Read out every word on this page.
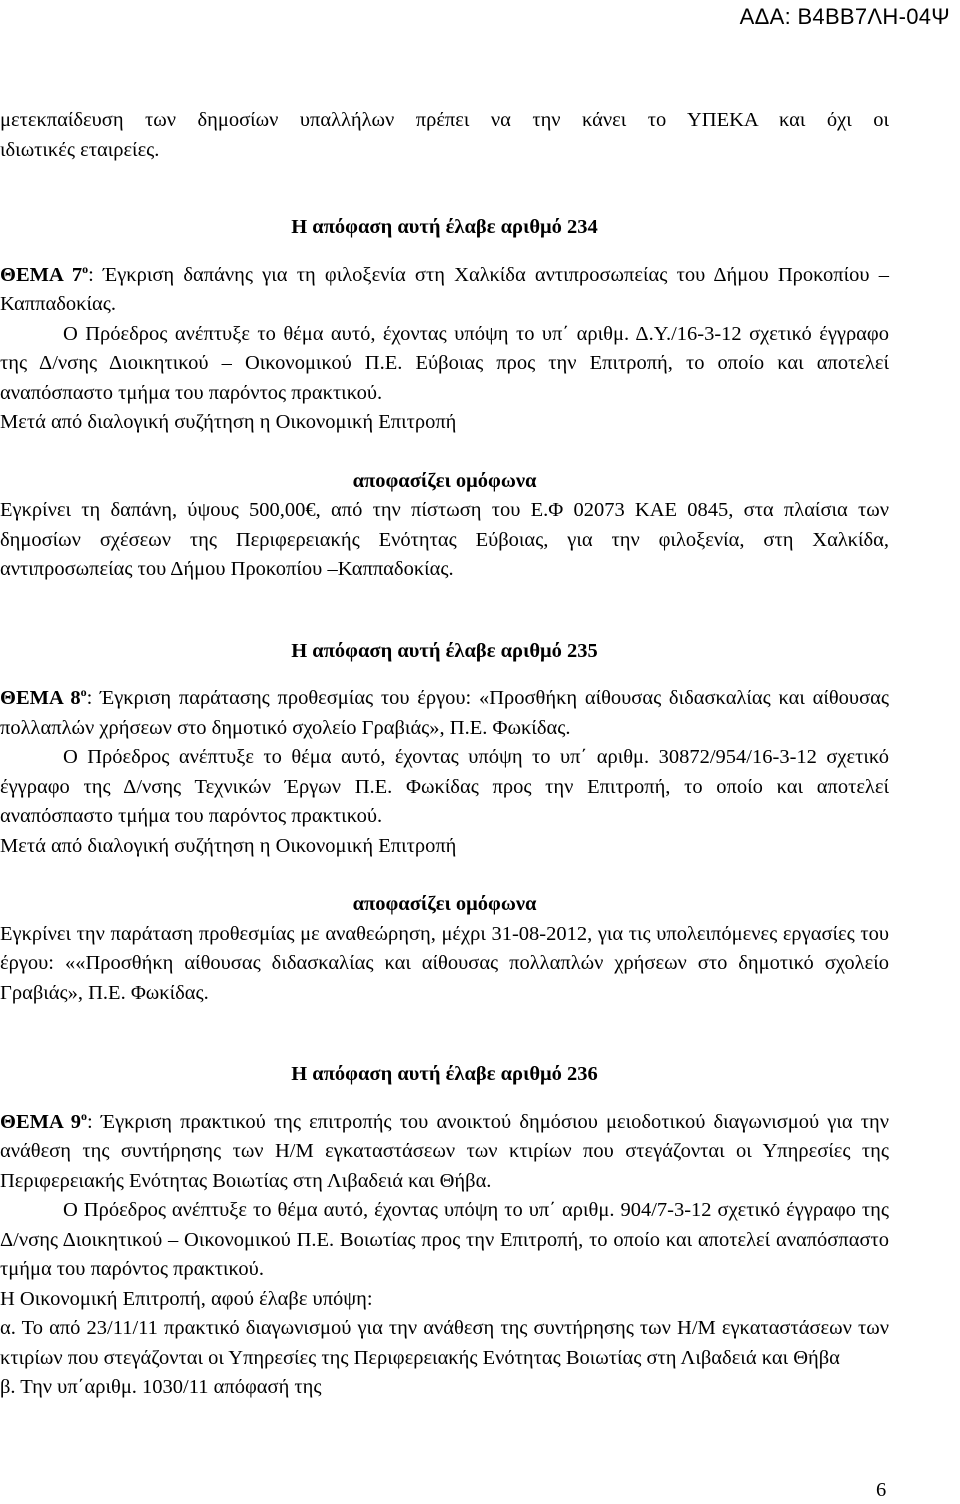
ΑΔΑ: Β4ΒΒ7ΛΗ-04Ψ

μετεκπαίδευση των δημοσίων υπαλλήλων πρέπει να την κάνει το ΥΠΕΚΑ και όχι οι

ιδιωτικές εταιρείες.

Η απόφαση αυτή έλαβε αριθμό 234

ΘΕΜΑ $7^o$: Έγκριση δαπάνης για τη φιλοξενία στη Χαλκίδα αντιπροσωπείας του Δήμου Προκοπίου – Καππαδοκίας.

Ο Πρόεδρος ανέπτυξε το θέμα αυτό, έχοντας υπόψη το υπ΄ αριθμ. Δ.Υ./16-3-12 σχετικό έγγραφο της Δ/νσης Διοικητικού – Οικονομικού Π.Ε. Εύβοιας προς την Επιτροπή, το οποίο και αποτελεί αναπόσπαστο τμήμα του παρόντος πρακτικού.

Μετά από διαλογική συζήτηση η Οικονομική Επιτροπή

αποφασίζει ομόφωνα

Εγκρίνει τη δαπάνη, ύψους 500,00€, από την πίστωση του Ε.Φ 02073 ΚΑΕ 0845, στα πλαίσια των δημοσίων σχέσεων της Περιφερειακής Ενότητας Εύβοιας, για την φιλοξενία, στη Χαλκίδα, αντιπροσωπείας του Δήμου Προκοπίου –Καππαδοκίας.

Η απόφαση αυτή έλαβε αριθμό 235

ΘΕΜΑ $8^o$: Έγκριση παράτασης προθεσμίας του έργου: «Προσθήκη αίθουσας διδασκαλίας και αίθουσας πολλαπλών χρήσεων στο δημοτικό σχολείο Γραβιάς», Π.Ε. Φωκίδας.

Ο Πρόεδρος ανέπτυξε το θέμα αυτό, έχοντας υπόψη το υπ΄ αριθμ. 30872/954/16-3-12 σχετικό έγγραφο της Δ/νσης Τεχνικών Έργων Π.Ε. Φωκίδας προς την Επιτροπή, το οποίο και αποτελεί αναπόσπαστο τμήμα του παρόντος πρακτικού.

Μετά από διαλογική συζήτηση η Οικονομική Επιτροπή

αποφασίζει ομόφωνα

Εγκρίνει την παράταση προθεσμίας με αναθεώρηση, μέχρι 31-08-2012, για τις υπολειπόμενες εργασίες του έργου: ««Προσθήκη αίθουσας διδασκαλίας και αίθουσας πολλαπλών χρήσεων στο δημοτικό σχολείο Γραβιάς», Π.Ε. Φωκίδας.

Η απόφαση αυτή έλαβε αριθμό 236

ΘΕΜΑ $9^o$: Έγκριση πρακτικού της επιτροπής του ανοικτού δημόσιου μειοδοτικού διαγωνισμού για την ανάθεση της συντήρησης των Η/Μ εγκαταστάσεων των κτιρίων που στεγάζονται οι Υπηρεσίες της Περιφερειακής Ενότητας Βοιωτίας στη Λιβαδειά και Θήβα.

Ο Πρόεδρος ανέπτυξε το θέμα αυτό, έχοντας υπόψη το υπ΄ αριθμ. 904/7-3-12 σχετικό έγγραφο της Δ/νσης Διοικητικού – Οικονομικού Π.Ε. Βοιωτίας προς την Επιτροπή, το οποίο και αποτελεί αναπόσπαστο τμήμα του παρόντος πρακτικού.

Η Οικονομική Επιτροπή, αφού έλαβε υπόψη:

α. Το από 23/11/11 πρακτικό διαγωνισμού για την ανάθεση της συντήρησης των Η/Μ εγκαταστάσεων των κτιρίων που στεγάζονται οι Υπηρεσίες της Περιφερειακής Ενότητας Βοιωτίας στη Λιβαδειά και Θήβα

β. Την υπ΄αριθμ. 1030/11 απόφασή της

6
